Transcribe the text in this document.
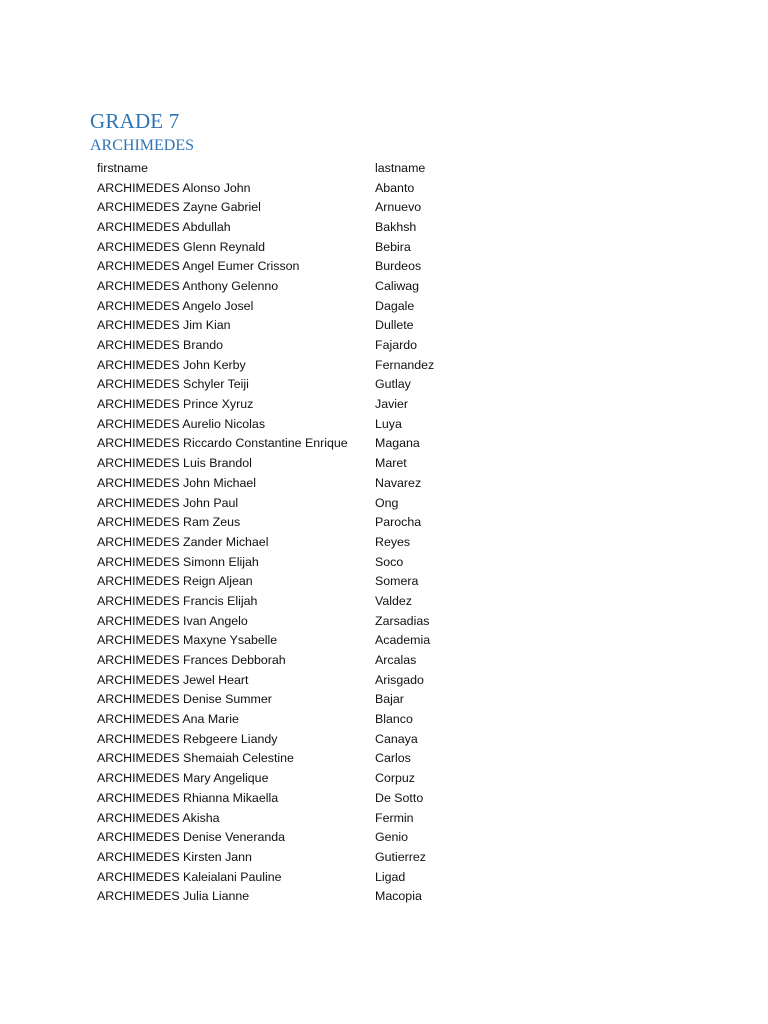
GRADE 7
ARCHIMEDES
firstname	lastname
ARCHIMEDES Alonso John	Abanto
ARCHIMEDES Zayne Gabriel	Arnuevo
ARCHIMEDES Abdullah	Bakhsh
ARCHIMEDES Glenn Reynald	Bebira
ARCHIMEDES Angel Eumer Crisson	Burdeos
ARCHIMEDES Anthony Gelenno	Caliwag
ARCHIMEDES Angelo Josel	Dagale
ARCHIMEDES Jim Kian	Dullete
ARCHIMEDES Brando	Fajardo
ARCHIMEDES John Kerby	Fernandez
ARCHIMEDES Schyler Teiji	Gutlay
ARCHIMEDES Prince Xyruz	Javier
ARCHIMEDES Aurelio Nicolas	Luya
ARCHIMEDES Riccardo Constantine Enrique	Magana
ARCHIMEDES Luis Brandol	Maret
ARCHIMEDES John Michael	Navarez
ARCHIMEDES John Paul	Ong
ARCHIMEDES Ram Zeus	Parocha
ARCHIMEDES Zander Michael	Reyes
ARCHIMEDES Simonn Elijah	Soco
ARCHIMEDES Reign Aljean	Somera
ARCHIMEDES Francis Elijah	Valdez
ARCHIMEDES Ivan Angelo	Zarsadias
ARCHIMEDES Maxyne Ysabelle	Academia
ARCHIMEDES Frances Debborah	Arcalas
ARCHIMEDES Jewel Heart	Arisgado
ARCHIMEDES Denise Summer	Bajar
ARCHIMEDES Ana Marie	Blanco
ARCHIMEDES Rebgeere Liandy	Canaya
ARCHIMEDES Shemaiah Celestine	Carlos
ARCHIMEDES Mary Angelique	Corpuz
ARCHIMEDES Rhianna Mikaella	De Sotto
ARCHIMEDES Akisha	Fermin
ARCHIMEDES Denise Veneranda	Genio
ARCHIMEDES Kirsten Jann	Gutierrez
ARCHIMEDES Kaleialani Pauline	Ligad
ARCHIMEDES Julia Lianne	Macopia
